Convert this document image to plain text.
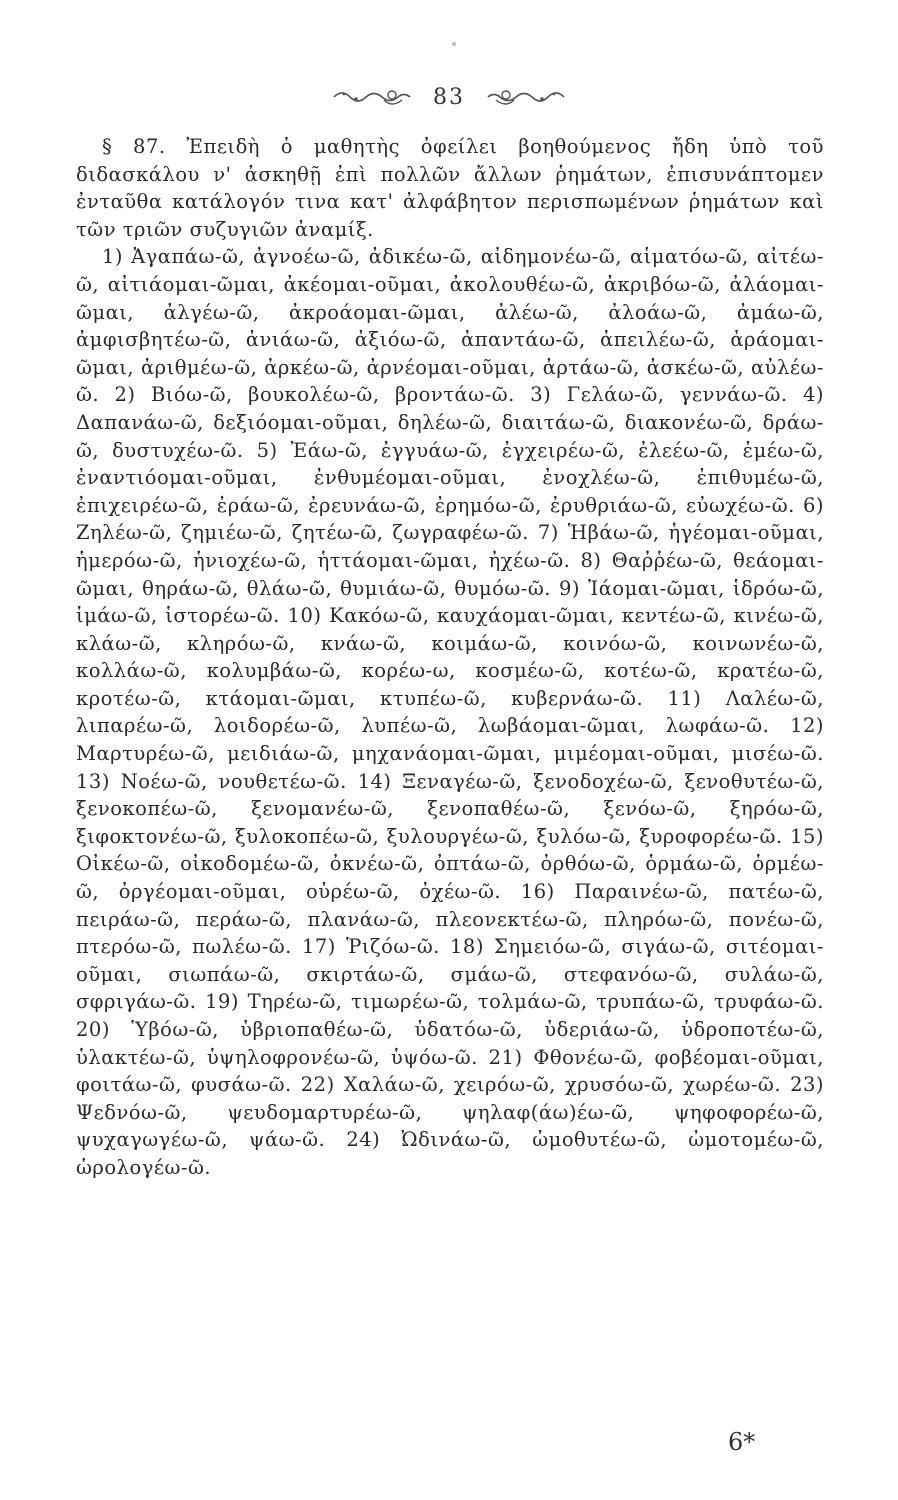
83

§ 87. Ἐπειδὴ ὁ μαθητὴς ὀφείλει βοηθούμενος ἤδη ὑπὸ τοῦ διδασκάλου ν' ἀσκηθῇ ἐπὶ πολλῶν ἄλλων ῥημάτων, ἐπισυνάπτομεν ἐνταῦθα κατάλογόν τινα κατ' ἀλφάβητον περισπωμένων ῥημάτων καὶ τῶν τριῶν συζυγιῶν ἀναμίξ.

1) Ἀγαπάω-ῶ, ἀγνοέω-ῶ, ἀδικέω-ῶ, αἰδημονέω-ῶ, αἱματόω-ῶ, αἰτέω-ῶ, αἰτιάομαι-ῶμαι, ἀκέομαι-οῦμαι, ἀκολουθέω-ῶ, ἀκριβόω-ῶ, ἀλάομαι-ῶμαι, ἀλγέω-ῶ, ἀκροάομαι-ῶμαι, ἀλέω-ῶ, ἀλοάω-ῶ, ἀμάω-ῶ, ἀμφισβητέω-ῶ, ἀνιάω-ῶ, ἀξιόω-ῶ, ἀπαντάω-ῶ, ἀπειλέω-ῶ, ἀράομαι-ῶμαι, ἀριθμέω-ῶ, ἀρκέω-ῶ, ἀρνέομαι-οῦμαι, ἀρτάω-ῶ, ἀσκέω-ῶ, αὐλέω-ῶ. 2) Βιόω-ῶ, βουκολέω-ῶ, βροντάω-ῶ. 3) Γελάω-ῶ, γεννάω-ῶ. 4) Δαπανάω-ῶ, δεξιόομαι-οῦμαι, δηλέω-ῶ, διαιτάω-ῶ, διακονέω-ῶ, δράω-ῶ, δυστυχέω-ῶ. 5) Ἐάω-ῶ, ἐγγυάω-ῶ, ἐγχειρέω-ῶ, ἐλεέω-ῶ, ἐμέω-ῶ, ἐναντιόομαι-οῦμαι, ἐνθυμέομαι-οῦμαι, ἐνοχλέω-ῶ, ἐπιθυμέω-ῶ, ἐπιχειρέω-ῶ, ἐράω-ῶ, ἐρευνάω-ῶ, ἐρημόω-ῶ, ἐρυθριάω-ῶ, εὐωχέω-ῶ. 6) Ζηλέω-ῶ, ζημιέω-ῶ, ζητέω-ῶ, ζωγραφέω-ῶ. 7) Ἡβάω-ῶ, ἡγέομαι-οῦμαι, ἡμερόω-ῶ, ἡνιοχέω-ῶ, ἡττάομαι-ῶμαι, ἠχέω-ῶ. 8) Θαῤῥέω-ῶ, θεάομαι-ῶμαι, θηράω-ῶ, θλάω-ῶ, θυμιάω-ῶ, θυμόω-ῶ. 9) Ἰάομαι-ῶμαι, ἱδρόω-ῶ, ἱμάω-ῶ, ἱστορέω-ῶ. 10) Κακόω-ῶ, καυχάομαι-ῶμαι, κεντέω-ῶ, κινέω-ῶ, κλάω-ῶ, κληρόω-ῶ, κνάω-ῶ, κοιμάω-ῶ, κοινόω-ῶ, κοινωνέω-ῶ, κολλάω-ῶ, κολυμβάω-ῶ, κορέω-ω, κοσμέω-ῶ, κοτέω-ῶ, κρατέω-ῶ, κροτέω-ῶ, κτάομαι-ῶμαι, κτυπέω-ῶ, κυβερνάω-ῶ. 11) Λαλέω-ῶ, λιπαρέω-ῶ, λοιδορέω-ῶ, λυπέω-ῶ, λωβάομαι-ῶμαι, λωφάω-ῶ. 12) Μαρτυρέω-ῶ, μειδιάω-ῶ, μηχανάομαι-ῶμαι, μιμέομαι-οῦμαι, μισέω-ῶ. 13) Νοέω-ῶ, νουθετέω-ῶ. 14) Ξεναγέω-ῶ, ξενοδοχέω-ῶ, ξενοθυτέω-ῶ, ξενοκοπέω-ῶ, ξενομανέω-ῶ, ξενοπαθέω-ῶ, ξενόω-ῶ, ξηρόω-ῶ, ξιφοκτονέω-ῶ, ξυλοκοπέω-ῶ, ξυλουργέω-ῶ, ξυλόω-ῶ, ξυροφορέω-ῶ. 15) Οἰκέω-ῶ, οἰκοδομέω-ῶ, ὀκνέω-ῶ, ὀπτάω-ῶ, ὀρθόω-ῶ, ὁρμάω-ῶ, ὁρμέω-ῶ, ὀργέομαι-οῦμαι, οὐρέω-ῶ, ὀχέω-ῶ. 16) Παραινέω-ῶ, πατέω-ῶ, πειράω-ῶ, περάω-ῶ, πλανάω-ῶ, πλεονεκτέω-ῶ, πληρόω-ῶ, πονέω-ῶ, πτερόω-ῶ, πωλέω-ῶ. 17) Ῥιζόω-ῶ. 18) Σημειόω-ῶ, σιγάω-ῶ, σιτέομαι-οῦμαι, σιωπάω-ῶ, σκιρτάω-ῶ, σμάω-ῶ, στεφανόω-ῶ, συλάω-ῶ, σφριγάω-ῶ. 19) Τηρέω-ῶ, τιμωρέω-ῶ, τολμάω-ῶ, τρυπάω-ῶ, τρυφάω-ῶ. 20) Ὑβόω-ῶ, ὑβριοπαθέω-ῶ, ὑδατόω-ῶ, ὑδεριάω-ῶ, ὑδροποτέω-ῶ, ὑλακτέω-ῶ, ὑψηλοφρονέω-ῶ, ὑψόω-ῶ. 21) Φθονέω-ῶ, φοβέομαι-οῦμαι, φοιτάω-ῶ, φυσάω-ῶ. 22) Χαλάω-ῶ, χειρόω-ῶ, χρυσόω-ῶ, χωρέω-ῶ. 23) Ψεδνόω-ῶ, ψευδομαρτυρέω-ῶ, ψηλαφ(άω)έω-ῶ, ψηφοφορέω-ῶ, ψυχαγωγέω-ῶ, ψάω-ῶ. 24) Ὠδινάω-ῶ, ὠμοθυτέω-ῶ, ὠμοτομέω-ῶ, ὡρολογέω-ῶ.

6*
